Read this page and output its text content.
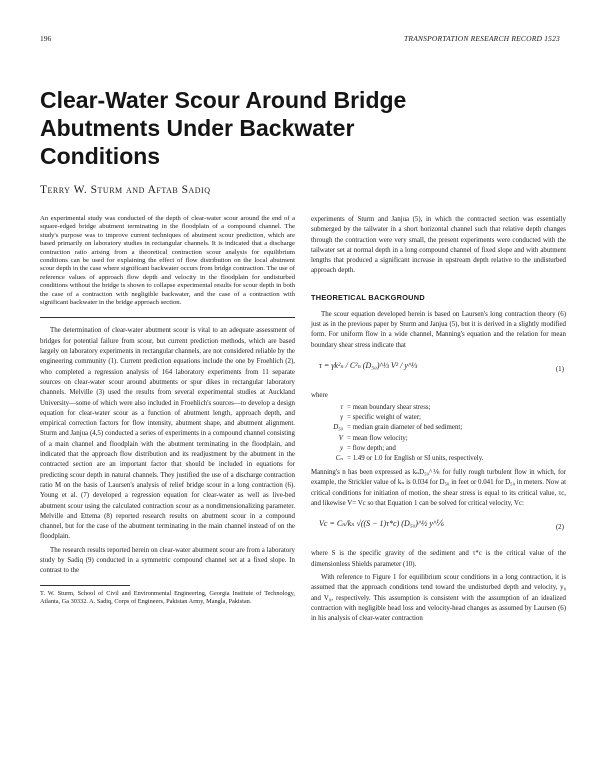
196	TRANSPORTATION RESEARCH RECORD 1523
Clear-Water Scour Around Bridge
Abutments Under Backwater
Conditions
Terry W. Sturm and Aftab Sadiq

An experimental study was conducted of the depth of clear-water scour around the end of a square-edged bridge abutment terminating in the floodplain of a compound channel. The study's purpose was to improve current techniques of abutment scour prediction, which are based primarily on laboratory studies in rectangular channels. It is indicated that a discharge contraction ratio arising from a theoretical contraction scour analysis for equilibrium conditions can be used for explaining the effect of flow distribution on the local abutment scour depth in the case where significant backwater occurs from bridge contraction. The use of reference values of approach flow depth and velocity in the floodplain for undisturbed conditions without the bridge is shown to collapse experimental results for scour depth in both the case of a contraction with negligible backwater, and the case of a contraction with significant backwater in the bridge approach section.

The determination of clear-water abutment scour is vital to an adequate assessment of bridges for potential failure from scour, but current prediction methods, which are based largely on laboratory experiments in rectangular channels, are not considered reliable by the engineering community (1). Current prediction equations include the one by Froehlich (2), who completed a regression analysis of 164 laboratory experiments from 11 separate sources on clear-water scour around abutments or spur dikes in rectangular laboratory channels. Melville (3) used the results from several experimental studies at Auckland University—some of which were also included in Froehlich's sources—to develop a design equation for clear-water scour as a function of abutment length, approach depth, and empirical correction factors for flow intensity, abutment shape, and abutment alignment. Sturm and Janjua (4,5) conducted a series of experiments in a compound channel consisting of a main channel and floodplain with the abutment terminating in the floodplain, and indicated that the approach flow distribution and its readjustment by the abutment in the contracted section are an important factor that should be included in equations for predicting scour depth in natural channels. They justified the use of a discharge contraction ratio M on the basis of Laursen's analysis of relief bridge scour in a long contraction (6). Young et al. (7) developed a regression equation for clear-water as well as live-bed abutment scour using the calculated contraction scour as a nondimensionalizing parameter. Melville and Ettema (8) reported research results on abutment scour in a compound channel, but for the case of the abutment terminating in the main channel instead of on the floodplain.

The research results reported herein on clear-water abutment scour are from a laboratory study by Sadiq (9) conducted in a symmetric compound channel set at a fixed slope. In contrast to the

T. W. Sturm, School of Civil and Environmental Engineering, Georgia Institute of Technology, Atlanta, Ga 30332. A. Sadiq, Corps of Engineers, Pakistan Army, Mangla, Pakistan.

experiments of Sturm and Janjua (5), in which the contracted section was essentially submerged by the tailwater in a short horizontal channel such that relative depth changes through the contraction were very small, the present experiments were conducted with the tailwater set at normal depth in a long compound channel of fixed slope and with abutment lengths that produced a significant increase in upstream depth relative to the undisturbed approach depth.

THEORETICAL BACKGROUND

The scour equation developed herein is based on Laursen's long contraction theory (6) just as in the previous paper by Sturm and Janjua (5), but it is derived in a slightly modified form. For uniform flow in a wide channel, Manning's equation and the relation for mean boundary shear stress indicate that

τ = γk²ₙ / C²ₙ (D₅₀)^⅓ V² / y^⅓	(1)
where
τ = mean boundary shear stress;
γ = specific weight of water;
D₅₀ = median grain diameter of bed sediment;
V = mean flow velocity;
y = flow depth; and
Cₙ = 1.49 or 1.0 for English or SI units, respectively.

Manning's n has been expressed as kₙD₅₀^⅙ for fully rough turbulent flow in which, for example, the Strickler value of kₙ is 0.034 for D₅₀ in feet or 0.041 for D₅₀ in meters. Now at critical conditions for initiation of motion, the shear stress is equal to its critical value, τc, and likewise V= Vc so that Equation 1 can be solved for critical velocity, Vc:

Vc = Cₙ/kₙ √((S − 1)τ*c) (D₅₀)^½ y^⅙	(2)

where S is the specific gravity of the sediment and τ*c is the critical value of the dimensionless Shields parameter (10).

With reference to Figure 1 for equilibrium scour conditions in a long contraction, it is assumed that the approach conditions tend toward the undisturbed depth and velocity, y₀ and V₀, respectively. This assumption is consistent with the assumption of an idealized contraction with negligible head loss and velocity-head changes as assumed by Laursen (6) in his analysis of clear-water contraction
